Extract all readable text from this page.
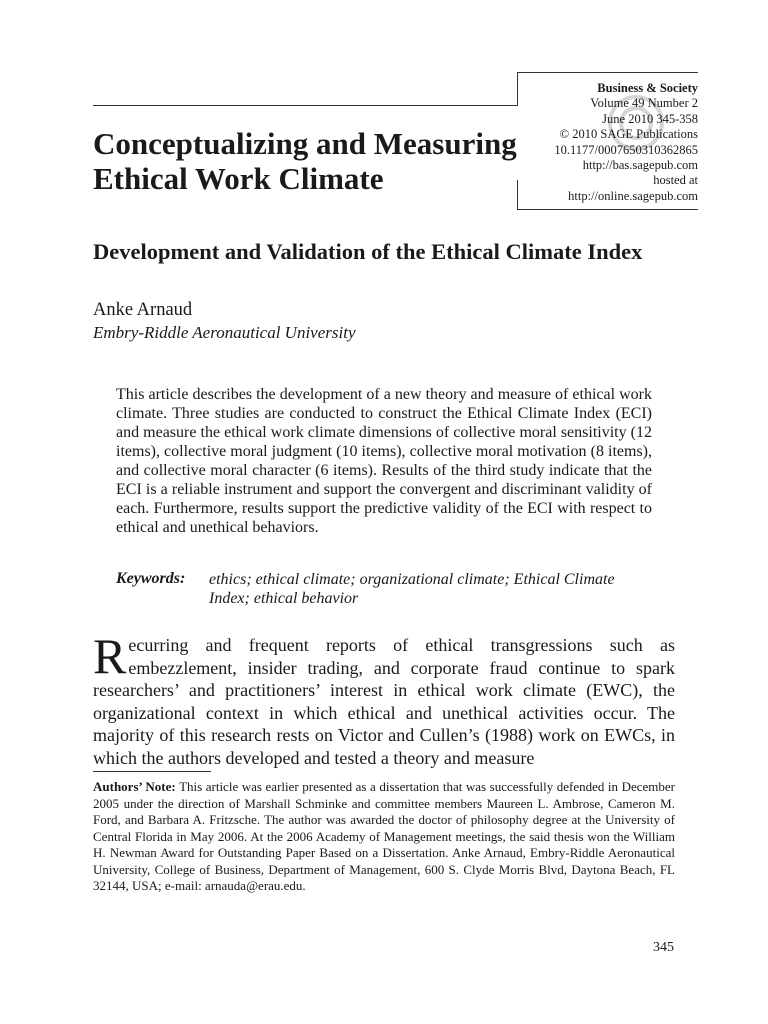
Business & Society
Volume 49 Number 2
June 2010 345-358
© 2010 SAGE Publications
10.1177/0007650310362865
http://bas.sagepub.com
hosted at
http://online.sagepub.com
Conceptualizing and Measuring Ethical Work Climate
Development and Validation of the Ethical Climate Index
Anke Arnaud
Embry-Riddle Aeronautical University

This article describes the development of a new theory and measure of ethical work climate. Three studies are conducted to construct the Ethical Climate Index (ECI) and measure the ethical work climate dimensions of collective moral sensitivity (12 items), collective moral judgment (10 items), collective moral motivation (8 items), and collective moral character (6 items). Results of the third study indicate that the ECI is a reliable instrument and support the convergent and discriminant validity of each. Furthermore, results support the predictive validity of the ECI with respect to ethical and unethical behaviors.

Keywords: ethics; ethical climate; organizational climate; Ethical Climate Index; ethical behavior

Recurring and frequent reports of ethical transgressions such as embezzlement, insider trading, and corporate fraud continue to spark researchers’ and practitioners’ interest in ethical work climate (EWC), the organizational context in which ethical and unethical activities occur. The majority of this research rests on Victor and Cullen’s (1988) work on EWCs, in which the authors developed and tested a theory and measure

Authors’ Note: This article was earlier presented as a dissertation that was successfully defended in December 2005 under the direction of Marshall Schminke and committee members Maureen L. Ambrose, Cameron M. Ford, and Barbara A. Fritzsche. The author was awarded the doctor of philosophy degree at the University of Central Florida in May 2006. At the 2006 Academy of Management meetings, the said thesis won the William H. Newman Award for Outstanding Paper Based on a Dissertation. Anke Arnaud, Embry-Riddle Aeronautical University, College of Business, Department of Management, 600 S. Clyde Morris Blvd, Daytona Beach, FL 32144, USA; e-mail: arnauda@erau.edu.

345
